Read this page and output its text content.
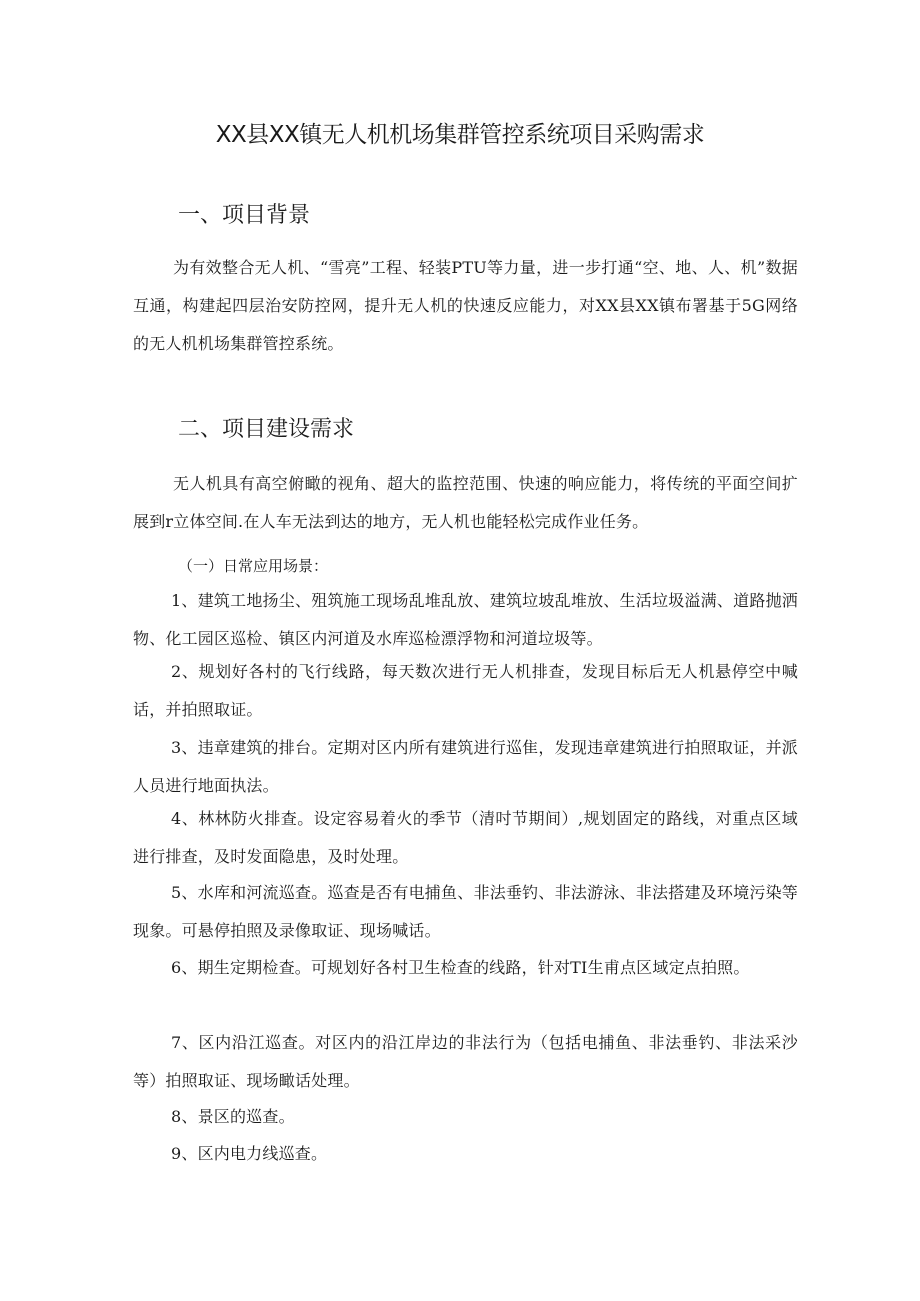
XX县XX镇无人机机场集群管控系统项目采购需求
一、项目背景

为有效整合无人机、“雪亮”工程、轻装PTU等力量，进一步打通“空、地、人、机”数据互通，构建起四层治安防控网，提升无人机的快速反应能力，对XX县XX镇布署基于5G网络的无人机机场集群管控系统。

二、项目建设需求

无人机具有高空俯瞰的视角、超大的监控范围、快速的响应能力，将传统的平面空间扩展到r立体空间.在人车无法到达的地方，无人机也能轻松完成作业任务。

（一）日常应用场景：

1、建筑工地扬尘、殂筑施工现场乱堆乱放、建筑垃坡乱堆放、生活垃圾溢满、道路抛洒物、化工园区巡检、镇区内河道及水库巡检漂浮物和河道垃圾等。

2、规划好各村的飞行线路，每天数次进行无人机排查，发现目标后无人机悬停空中喊话，并拍照取证。

3、违章建筑的排台。定期对区内所有建筑进行巡隹，发现违章建筑进行拍照取证，并派人员进行地面执法。

4、林林防火排查。设定容易着火的季节（清吋节期间）,规划固定的路线，对重点区域进行排查，及时发面隐患，及时处理。

5、水库和河流巡查。巡查是否有电捕鱼、非法垂钓、非法游泳、非法搭建及环境污染等现象。可悬停拍照及录像取证、现场喊话。

6、期生定期检查。可规划好各村卫生检查的线路，针对TI生甫点区域定点拍照。

7、区内沿江巡查。对区内的沿江岸边的非法行为（包括电捕鱼、非法垂钓、非法采沙等）拍照取证、现场瞰话处理。

8、景区的巡查。

9、区内电力线巡查。
